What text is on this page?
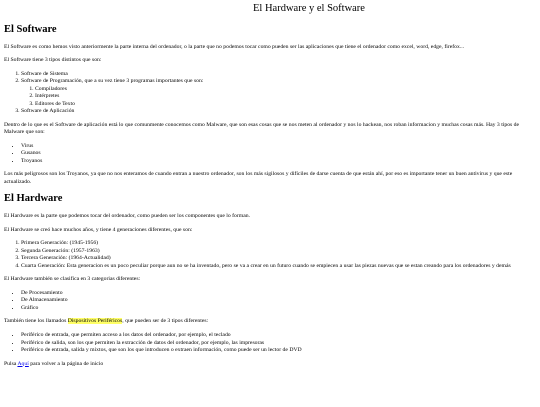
El Hardware y el Software
El Software

El Software es como hemos visto anteriormente la parte interna del ordenador, o la parte que no podemos tocar como pueden ser las aplicaciones que tiene el ordenador como excel, word, edge, firefox...

El Software tiene 3 tipos distintos que son:

1. Software de Sistema
2. Software de Programación, que a su vez tiene 3 programas importantes que son:
1. Compiladores
2. Intérpretes
3. Editores de Texto
3. Software de Aplicación

Dentro de lo que es el Software de aplicación está lo que comunmente conocemos como Malware, que son esas cosas que se nos meten al ordenador y nos lo hackean, nos roban informacion y muchas cosas más. Hay 3 tipos de Malware que son:

• Virus
• Gusanos
• Troyanos

Los más peligrosos son los Troyanos, ya que no nos enteramos de cuando entran a nuestro ordenador, son los más sigilosos y difíciles de darse cuenta de que están ahí, por eso es importante tener un buen antivirus y que este actualizado.

El Hardware

El Hardware es la parte que podemos tocar del ordenador, como pueden ser los componentes que lo forman.

El Hardware se creó hace muchos años, y tiene 4 generaciones diferentes, que son:

1. Primera Generación: (1945-1956)
2. Segunda Generación: (1957-1963)
3. Tercera Generación: (1964-Actualidad)
4. Cuarta Generación: Esta generacion es un poco peculiar porque aun no se ha inventado, pero se va a crear en un futuro cuando se empiecen a usar las piezas nuevas que se estan creando para los ordenadores y demás

El Hardware también se clasifica en 3 categorias diferentes:

• De Procesamiento
• De Almacenamiento
• Gráfico

También tiene los llamados Dispositivos Periféricos, que pueden ser de 3 tipos diferentes:

• Periférico de entrada, que permiten acceso a los datos del ordenador, por ejemplo, el teclado
• Periférico de salida, son los que permiten la extracción de datos del ordenador, por ejemplo, las impresoras
• Periférico de entrada, salida y mixtos, que son los que introducen o extraen información, como puede ser un lector de DVD

Pulsa Aquí para volver a la página de inicio
